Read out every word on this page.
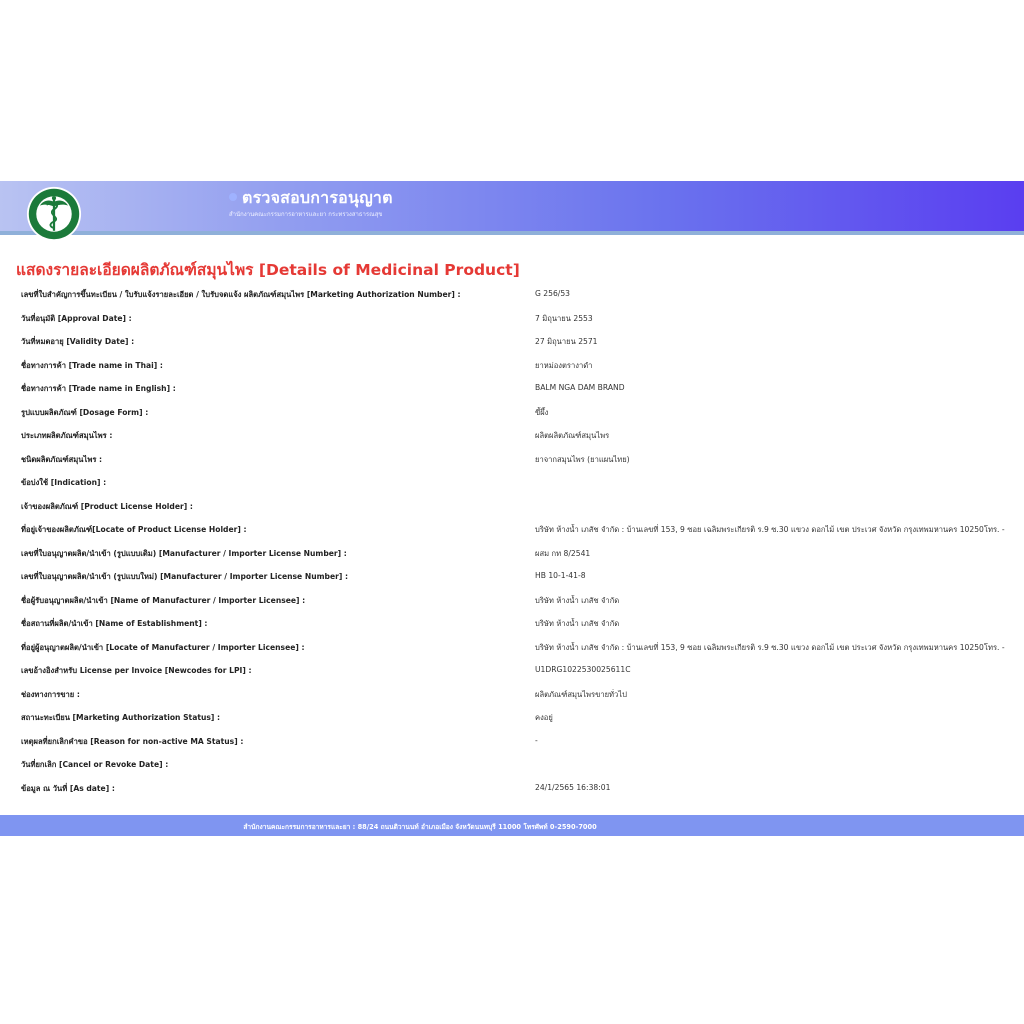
ตรวจสอบการอนุญาต
สำนักงานคณะกรรมการอาหารและยา กระทรวงสาธารณสุข
แสดงรายละเอียดผลิตภัณฑ์สมุนไพร [Details of Medicinal Product]
เลขที่ใบสำคัญการขึ้นทะเบียน / ใบรับแจ้งรายละเอียด / ใบรับจดแจ้ง ผลิตภัณฑ์สมุนไพร [Marketing Authorization Number] :	G 256/53
วันที่อนุมัติ [Approval Date] :	7 มิถุนายน 2553
วันที่หมดอายุ [Validity Date] :	27 มิถุนายน 2571
ชื่อทางการค้า [Trade name in Thai] :	ยาหม่องตรางาดำ
ชื่อทางการค้า [Trade name in English] :	BALM NGA DAM BRAND
รูปแบบผลิตภัณฑ์ [Dosage Form] :	ขี้ผึ้ง
ประเภทผลิตภัณฑ์สมุนไพร :	ผลิตผลิตภัณฑ์สมุนไพร
ชนิดผลิตภัณฑ์สมุนไพร :	ยาจากสมุนไพร (ยาแผนไทย)
ข้อบ่งใช้ [Indication] :
เจ้าของผลิตภัณฑ์ [Product License Holder] :
ที่อยู่เจ้าของผลิตภัณฑ์[Locate of Product License Holder] :	บริษัท ห้างน้ำ เภสัช จำกัด : บ้านเลขที่ 153, 9 ซอย เฉลิมพระเกียรติ ร.9 ซ.30 แขวง ดอกไม้ เขต ประเวศ จังหวัด กรุงเทพมหานคร 10250โทร. -
เลขที่ใบอนุญาตผลิต/นำเข้า (รูปแบบเดิม) [Manufacturer / Importer License Number] :	ผสม กท 8/2541
เลขที่ใบอนุญาตผลิต/นำเข้า (รูปแบบใหม่) [Manufacturer / Importer License Number] :	HB 10-1-41-8
ชื่อผู้รับอนุญาตผลิต/นำเข้า [Name of Manufacturer / Importer Licensee] :	บริษัท ห้างน้ำ เภสัช จำกัด
ชื่อสถานที่ผลิต/นำเข้า [Name of Establishment] :	บริษัท ห้างน้ำ เภสัช จำกัด
ที่อยู่ผู้อนุญาตผลิต/นำเข้า [Locate of Manufacturer / Importer Licensee] :	บริษัท ห้างน้ำ เภสัช จำกัด : บ้านเลขที่ 153, 9 ซอย เฉลิมพระเกียรติ ร.9 ซ.30 แขวง ดอกไม้ เขต ประเวศ จังหวัด กรุงเทพมหานคร 10250โทร. -
เลขอ้างอิงสำหรับ License per Invoice [Newcodes for LPI] :	U1DRG1022530025611C
ช่องทางการขาย :	ผลิตภัณฑ์สมุนไพรขายทั่วไป
สถานะทะเบียน [Marketing Authorization Status] :	คงอยู่
เหตุผลที่ยกเลิกคำขอ [Reason for non-active MA Status] :	-
วันที่ยกเลิก [Cancel or Revoke Date] :
ข้อมูล ณ วันที่ [As date] :	24/1/2565 16:38:01
สำนักงานคณะกรรมการอาหารและยา : 88/24 ถนนติวานนท์ อำเภอเมือง จังหวัดนนทบุรี 11000 โทรศัพท์ 0-2590-7000
